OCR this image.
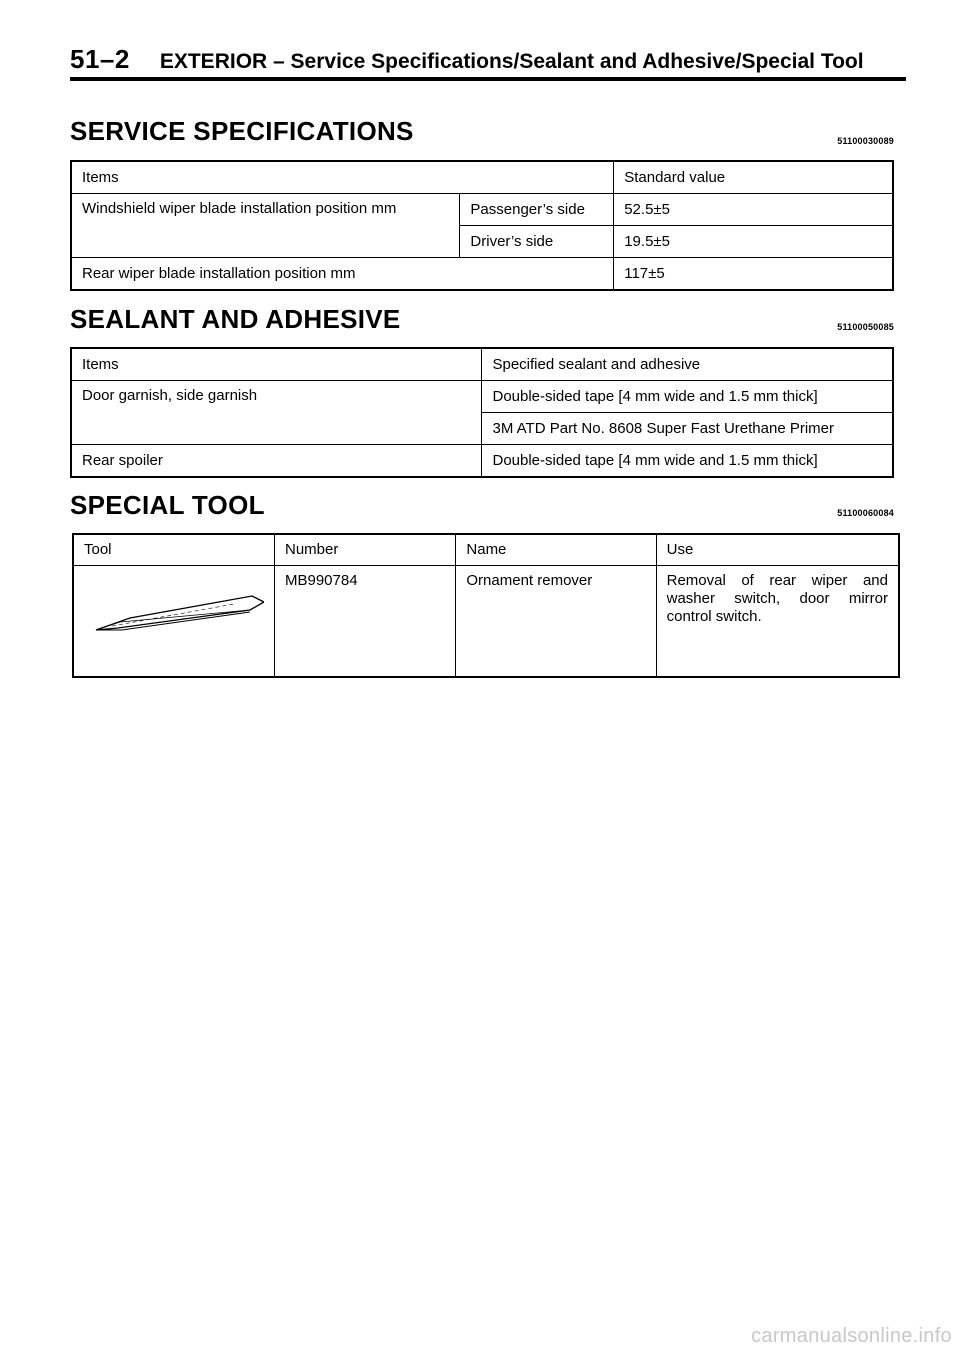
51–2 EXTERIOR – Service Specifications/Sealant and Adhesive/Special Tool
SERVICE SPECIFICATIONS	51100030089
Items		Standard value
Windshield wiper blade installation position mm	Passenger’s side	52.5±5
	Driver’s side	19.5±5
Rear wiper blade installation position mm		117±5
SEALANT AND ADHESIVE	51100050085
Items	Specified sealant and adhesive
Door garnish, side garnish	Double-sided tape [4 mm wide and 1.5 mm thick]
	3M ATD Part No. 8608 Super Fast Urethane Primer
Rear spoiler	Double-sided tape [4 mm wide and 1.5 mm thick]
SPECIAL TOOL	51100060084
Tool	Number	Name	Use

	MB990784	Ornament remover	Removal of rear wiper and washer switch, door mirror control switch.
carmanualsonline.info
